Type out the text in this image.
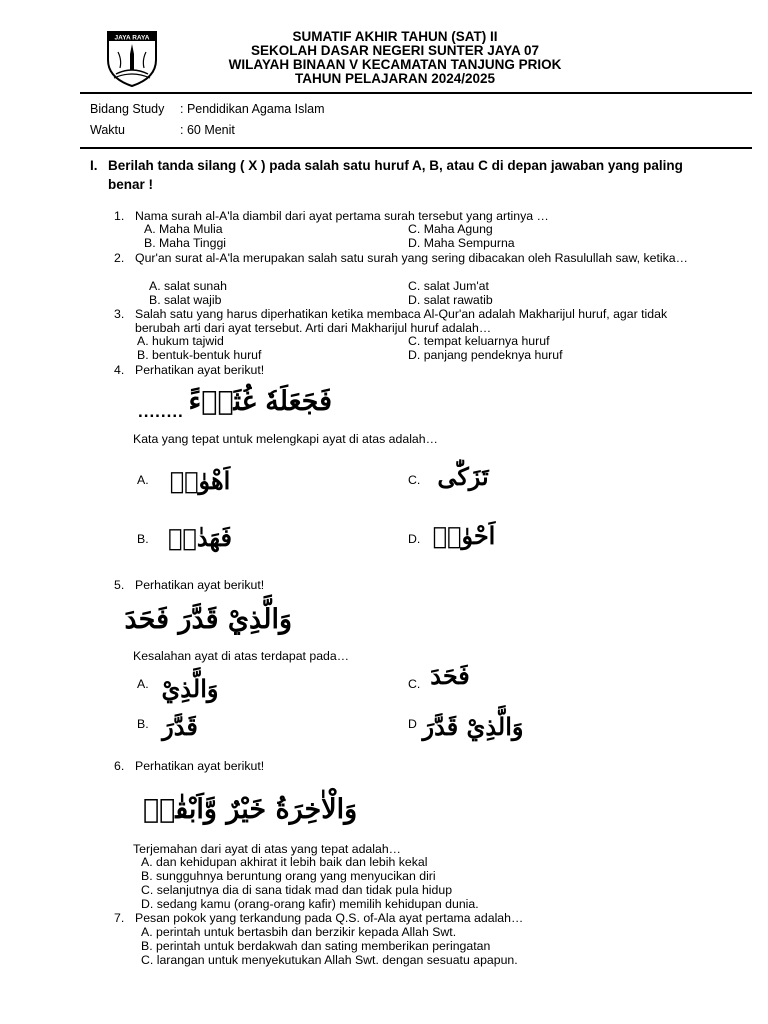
JAYA RAYA	SUMATIF AKHIR TAHUN (SAT) II
SEKOLAH DASAR NEGERI SUNTER JAYA 07
WILAYAH BINAAN V KECAMATAN TANJUNG PRIOK
TAHUN PELAJARAN 2024/2025
Bidang Study : Pendidikan Agama Islam
Waktu	: 60 Menit
I. Berilah tanda silang ( X ) pada salah satu huruf A, B, atau C di depan jawaban yang paling benar !
1. Nama surah al-A'la diambil dari ayat pertama surah tersebut yang artinya …
A. Maha Mulia	C. Maha Agung
B. Maha Tinggi	D. Maha Sempurna
2. Qur'an surat al-A'la merupakan salah satu surah yang sering dibacakan oleh Rasulullah saw, ketika…
A. salat sunah	C. salat Jum'at
B. salat wajib	D. salat rawatib
3. Salah satu yang harus diperhatikan ketika membaca Al-Qur'an adalah Makharijul huruf, agar tidak berubah arti dari ayat tersebut. Arti dari Makharijul huruf adalah…
A. hukum tajwid	C. tempat keluarnya huruf
B. bentuk-bentuk huruf	D. panjang pendeknya huruf
4. Perhatikan ayat berikut!
........ فَجَعَلَهٗ غُثَاۤءً
Kata yang tepat untuk melengkapi ayat di atas adalah…
A. اَهْوٰىۗ	C. تَزَكّٰى
B. فَهَدٰىۗ	D. اَحْوٰىۗ
5. Perhatikan ayat berikut!
وَالَّذِيْ قَدَّرَ فَحَدَ
Kesalahan ayat di atas terdapat pada…
A. وَالَّذِيْ	C. فَحَدَ
B. قَدَّرَ	D وَالَّذِيْ قَدَّرَ
6. Perhatikan ayat berikut!
وَالْاٰخِرَةُ خَيْرٌ وَّاَبْقٰىۗ
Terjemahan dari ayat di atas yang tepat adalah…
A. dan kehidupan akhirat it lebih baik dan lebih kekal
B. sungguhnya beruntung orang yang menyucikan diri
C. selanjutnya dia di sana tidak mad dan tidak pula hidup
D. sedang kamu (orang-orang kafir) memilih kehidupan dunia.
7. Pesan pokok yang terkandung pada Q.S. of-Ala ayat pertama adalah…
A. perintah untuk bertasbih dan berzikir kepada Allah Swt.
B. perintah untuk berdakwah dan sating memberikan peringatan
C. larangan untuk menyekutukan Allah Swt. dengan sesuatu apapun.
